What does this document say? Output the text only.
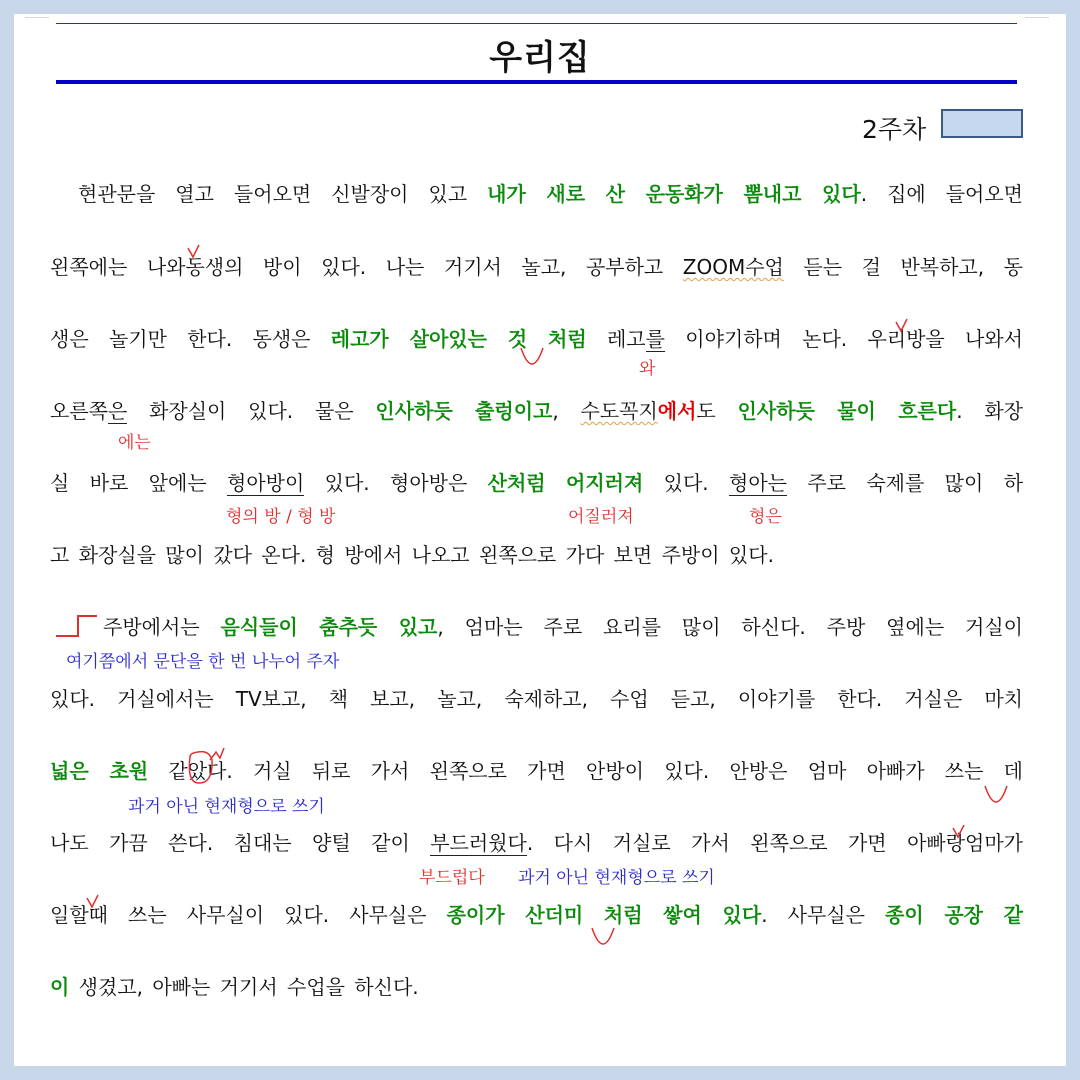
우리집
2주차
현관문을 열고 들어오면 신발장이 있고 내가 새로 산 운동화가 뽐내고 있다. 집에 들어오면
왼쪽에는 나와동생의 방이 있다. 나는 거기서 놀고, 공부하고 ZOOM수업 듣는 걸 반복하고, 동
생은 놀기만 한다. 동생은 레고가 살아있는 것 처럼 레고를 이야기하며 논다. 우리방을 나와서
오른쪽은 화장실이 있다. 물은 인사하듯 출렁이고, 수도꼭지에서도 인사하듯 물이 흐른다. 화장
실 바로 앞에는 형아방이 있다. 형아방은 산처럼 어지러져 있다. 형아는 주로 숙제를 많이 하
고 화장실을 많이 갔다 온다. 형 방에서 나오고 왼쪽으로 가다 보면 주방이 있다.
주방에서는 음식들이 춤추듯 있고, 엄마는 주로 요리를 많이 하신다. 주방 옆에는 거실이
있다. 거실에서는 TV보고, 책 보고, 놀고, 숙제하고, 수업 듣고, 이야기를 한다. 거실은 마치
넓은 초원 같았다. 거실 뒤로 가서 왼쪽으로 가면 안방이 있다. 안방은 엄마 아빠가 쓰는 데
나도 가끔 쓴다. 침대는 양털 같이 부드러웠다. 다시 거실로 가서 왼쪽으로 가면 아빠랑엄마가
일할때 쓰는 사무실이 있다. 사무실은 종이가 산더미 처럼 쌓여 있다. 사무실은 종이 공장 같
이 생겼고, 아빠는 거기서 수업을 하신다.
와
에는
형의 방 / 형 방	어질러져	형은
여기쯤에서 문단을 한 번 나누어 주자
과거 아닌 현재형으로 쓰기
부드럽다 과거 아닌 현재형으로 쓰기
